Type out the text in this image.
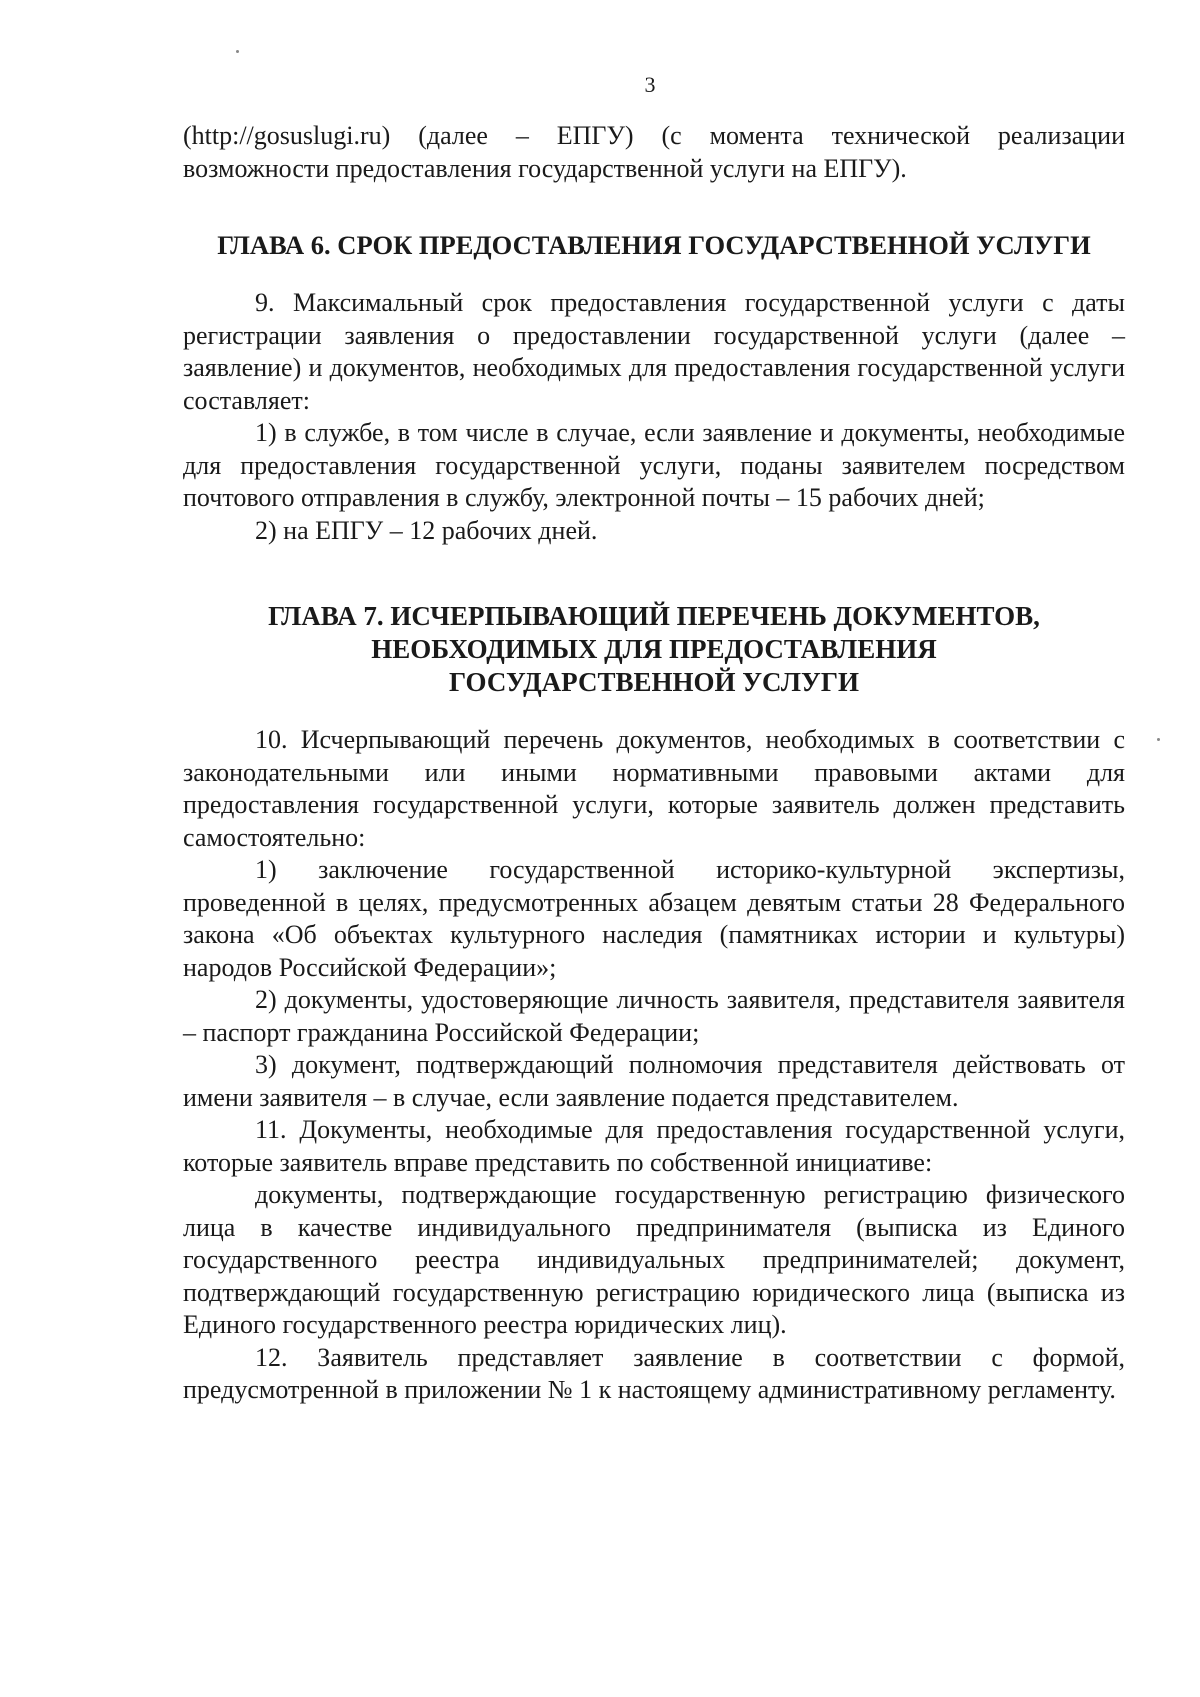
3

(http://gosuslugi.ru) (далее – ЕПГУ) (с момента технической реализации возможности предоставления государственной услуги на ЕПГУ).

ГЛАВА 6. СРОК ПРЕДОСТАВЛЕНИЯ ГОСУДАРСТВЕННОЙ УСЛУГИ

9. Максимальный срок предоставления государственной услуги с даты регистрации заявления о предоставлении государственной услуги (далее – заявление) и документов, необходимых для предоставления государственной услуги составляет:

1) в службе, в том числе в случае, если заявление и документы, необходимые для предоставления государственной услуги, поданы заявителем посредством почтового отправления в службу, электронной почты – 15 рабочих дней;

2) на ЕПГУ – 12 рабочих дней.

ГЛАВА 7. ИСЧЕРПЫВАЮЩИЙ ПЕРЕЧЕНЬ ДОКУМЕНТОВ,
НЕОБХОДИМЫХ ДЛЯ ПРЕДОСТАВЛЕНИЯ
ГОСУДАРСТВЕННОЙ УСЛУГИ

10. Исчерпывающий перечень документов, необходимых в соответствии с законодательными или иными нормативными правовыми актами для предоставления государственной услуги, которые заявитель должен представить самостоятельно:

1) заключение государственной историко-культурной экспертизы, проведенной в целях, предусмотренных абзацем девятым статьи 28 Федерального закона «Об объектах культурного наследия (памятниках истории и культуры) народов Российской Федерации»;

2) документы, удостоверяющие личность заявителя, представителя заявителя – паспорт гражданина Российской Федерации;

3) документ, подтверждающий полномочия представителя действовать от имени заявителя – в случае, если заявление подается представителем.

11. Документы, необходимые для предоставления государственной услуги, которые заявитель вправе представить по собственной инициативе:

документы, подтверждающие государственную регистрацию физического лица в качестве индивидуального предпринимателя (выписка из Единого государственного реестра индивидуальных предпринимателей; документ, подтверждающий государственную регистрацию юридического лица (выписка из Единого государственного реестра юридических лиц).

12. Заявитель представляет заявление в соответствии с формой, предусмотренной в приложении № 1 к настоящему административному регламенту.
